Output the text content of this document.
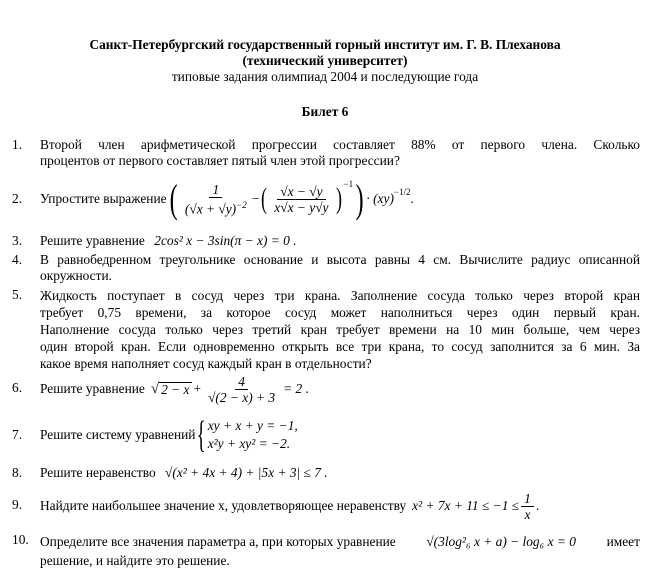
Санкт-Петербургский государственный горный институт им. Г. В. Плеханова
(технический университет)
типовые задания олимпиад 2004 и последующие года
Билет 6
1. Второй член арифметической прогрессии составляет 88% от первого члена. Сколько
процентов от первого составляет пятый член этой прогрессии?
2. Упростите выражение ( $\frac{1}{(√x + √y)^{-2}}$ − ( $\frac{√x - √y}{x√x - y√y} )^{-1}$ ) · (xy)$^{-1/2}$ .
3. Решите уравнение 2cos² x − 3sin(π − x) = 0 .
4. В равнобедренном треугольнике основание и высота равны 4 см. Вычислите радиус описанной
окружности.
5. Жидкость поступает в сосуд через три крана. Заполнение сосуда только через второй кран
требует 0,75 времени, за которое сосуд может наполниться через один первый кран.
Наполнение сосуда только через третий кран требует времени на 10 мин больше, чем через
один второй кран. Если одновременно открыть все три крана, то сосуд заполнится за 6 мин. За
какое время наполняет сосуд каждый кран в отдельности?
6. Решите уравнение √ $2 - x + \frac{4}{√(2 - x) + 3} = 2$ .
7. Решите систему уравнений { xy + x + y = −1,
x²y + xy² = −2.
8. Решите неравенство √(x² + 4x + 4) + |5x + 3| ≤ 7 .
9. Найдите наибольшее значение x, удовлетворяющее неравенству $x^2 + 7x + 11 \le -1 \le \frac{1}{x}$ .
10. Определите все значения параметра a, при которых уравнение √(3log²₆ x + a) − log₆ x = 0 имеет
решение, и найдите это решение.
